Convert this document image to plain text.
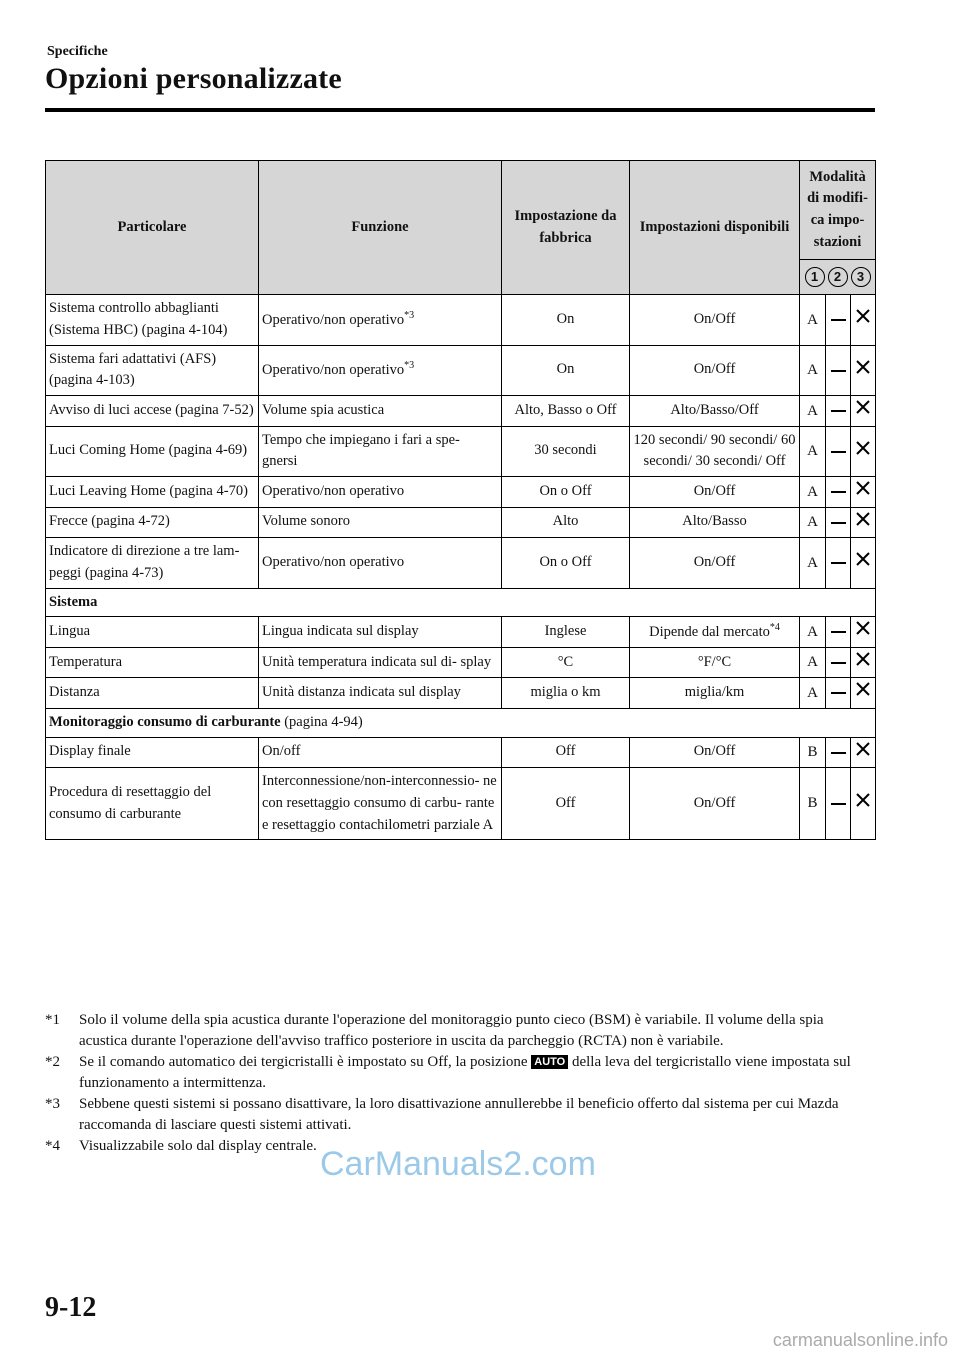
Specifiche
Opzioni personalizzate
Particolare	Funzione	Impostazione da fabbrica	Impostazioni disponibili	Modalità di modifi- ca impo- stazioni		

1 2 3		

Sistema controllo abbaglianti (Sistema HBC) (pagina 4-104)	Operativo/non operativo$^{*3}$	On	On/Off	A		
Sistema fari adattativi (AFS) (pagina 4-103)	Operativo/non operativo$^{*3}$	On	On/Off	A		
Avviso di luci accese (pagina 7-52)	Volume spia acustica	Alto, Basso o Off	Alto/Basso/Off	A		
Luci Coming Home (pagina 4-69)	Tempo che impiegano i fari a spe- gnersi	30 secondi	120 secondi/ 90 secondi/ 60 secondi/ 30 secondi/ Off	A		
Luci Leaving Home (pagina 4-70)	Operativo/non operativo	On o Off	On/Off	A		
Frecce (pagina 4-72)	Volume sonoro	Alto	Alto/Basso	A		
Indicatore di direzione a tre lam- peggi (pagina 4-73)	Operativo/non operativo	On o Off	On/Off	A		
Sistema						
Lingua	Lingua indicata sul display	Inglese	Dipende dal mercato$^{*4}$	A		
Temperatura	Unità temperatura indicata sul di- splay	°C	°F/°C	A		
Distanza	Unità distanza indicata sul display	miglia o km	miglia/km	A		
Monitoraggio consumo di carburante (pagina 4-94)						
Display finale	On/off	Off	On/Off	B		
Procedura di resettaggio del consumo di carburante	Interconnessione/non-interconnessio- ne con resettaggio consumo di carbu- rante e resettaggio contachilometri parziale A	Off	On/Off	B		
*1	Solo il volume della spia acustica durante l'operazione del monitoraggio punto cieco (BSM) è variabile. Il volume della spia acustica durante l'operazione dell'avviso traffico posteriore in uscita da parcheggio (RCTA) non è variabile.
*2	Se il comando automatico dei tergicristalli è impostato su Off, la posizione AUTO della leva del tergicristallo viene impostata sul funzionamento a intermittenza.
*3	Sebbene questi sistemi si possano disattivare, la loro disattivazione annullerebbe il beneficio offerto dal sistema per cui Mazda raccomanda di lasciare questi sistemi attivati.
*4	Visualizzabile solo dal display centrale. CarManuals2.com
9-12
carmanualsonline.info
